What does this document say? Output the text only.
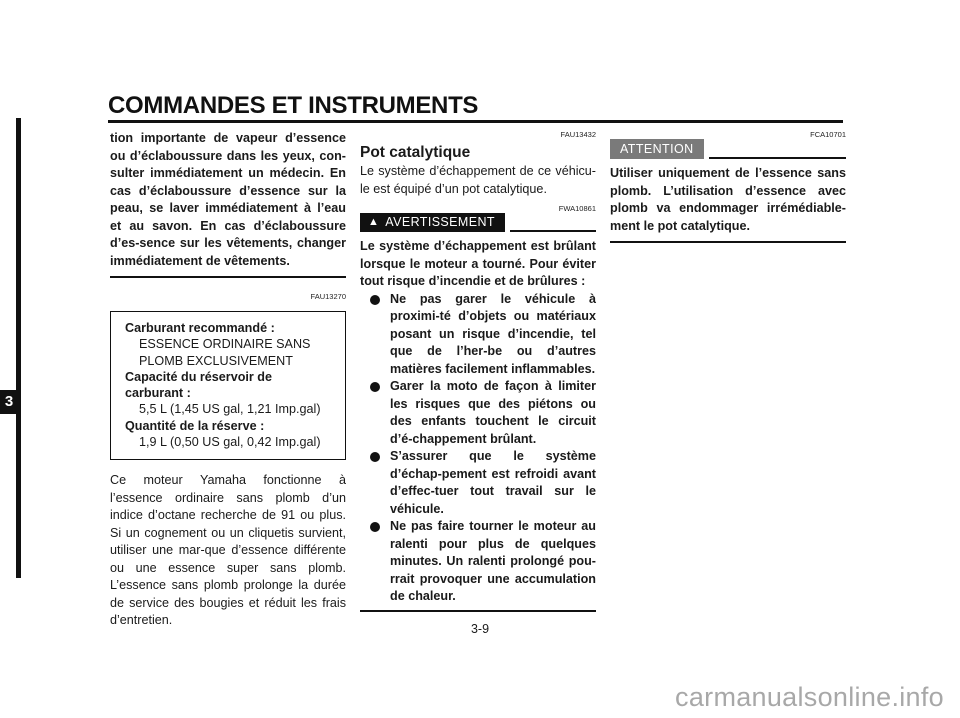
COMMANDES ET INSTRUMENTS
3

tion importante de vapeur d’essence ou d’éclaboussure dans les yeux, con-sulter immédiatement un médecin. En cas d’éclaboussure d’essence sur la peau, se laver immédiatement à l’eau et au savon. En cas d’éclaboussure d’es-sence sur les vêtements, changer immédiatement de vêtements.

FAU13270
Carburant recommandé :
ESSENCE ORDINAIRE SANS
PLOMB EXCLUSIVEMENT
Capacité du réservoir de
carburant :
5,5 L (1,45 US gal, 1,21 Imp.gal)
Quantité de la réserve :
1,9 L (0,50 US gal, 0,42 Imp.gal)

Ce moteur Yamaha fonctionne à l’essence ordinaire sans plomb d’un indice d’octane recherche de 91 ou plus. Si un cognement ou un cliquetis survient, utiliser une mar-que d’essence différente ou une essence super sans plomb. L’essence sans plomb prolonge la durée de service des bougies et réduit les frais d’entretien.

FAU13432
Pot catalytique

Le système d’échappement de ce véhicu-le est équipé d’un pot catalytique.

FWA10861
▲ AVERTISSEMENT

Le système d’échappement est brûlant lorsque le moteur a tourné. Pour éviter tout risque d’incendie et de brûlures :

Ne pas garer le véhicule à proximi-té d’objets ou matériaux posant un risque d’incendie, tel que de l’her-be ou d’autres matières facilement inflammables.
Garer la moto de façon à limiter les risques que des piétons ou des enfants touchent le circuit d’é-chappement brûlant.
S’assurer que le système d’échap-pement est refroidi avant d’effec-tuer tout travail sur le véhicule.
Ne pas faire tourner le moteur au ralenti pour plus de quelques minutes. Un ralenti prolongé pou-rrait provoquer une accumulation de chaleur.
FCA10701
ATTENTION

Utiliser uniquement de l’essence sans plomb. L’utilisation d’essence avec plomb va endommager irrémédiable-ment le pot catalytique.

3-9
carmanualsonline.info
